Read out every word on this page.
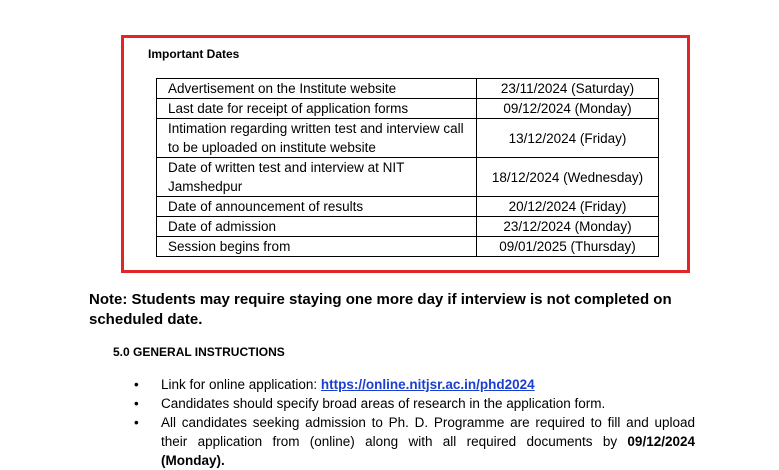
Important Dates
Advertisement on the Institute website	23/11/2024 (Saturday)
Last date for receipt of application forms	09/12/2024 (Monday)
Intimation regarding written test and interview call to be uploaded on institute website	13/12/2024 (Friday)
Date of written test and interview at NIT Jamshedpur	18/12/2024 (Wednesday)
Date of announcement of results	20/12/2024 (Friday)
Date of admission	23/12/2024 (Monday)
Session begins from	09/01/2025 (Thursday)
Note: Students may require staying one more day if interview is not completed on scheduled date.
5.0 GENERAL INSTRUCTIONS
• Link for online application: https://online.nitjsr.ac.in/phd2024
• Candidates should specify broad areas of research in the application form.
• All candidates seeking admission to Ph. D. Programme are required to fill and upload their application from (online) along with all required documents by 09/12/2024 (Monday).
